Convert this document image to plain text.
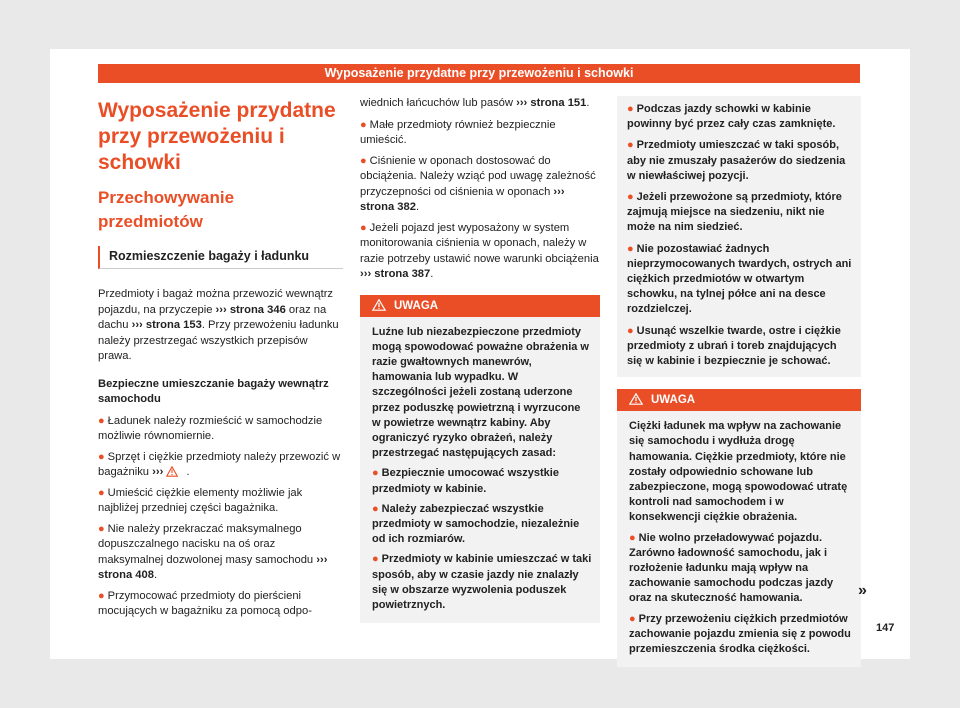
Wyposażenie przydatne przy przewożeniu i schowki
Wyposażenie przydatne przy przewożeniu i schowki
Przechowywanie przedmiotów
Rozmieszczenie bagaży i ładunku

Przedmioty i bagaż można przewozić wewnątrz pojazdu, na przyczepie ››› strona 346 oraz na dachu ››› strona 153. Przy przewożeniu ładunku należy przestrzegać wszystkich przepisów prawa.

Bezpieczne umieszczanie bagaży wewnątrz samochodu

● Ładunek należy rozmieścić w samochodzie możliwie równomiernie.

● Sprzęt i ciężkie przedmioty należy przewozić w bagażniku ››› .

● Umieścić ciężkie elementy możliwie jak najbliżej przedniej części bagażnika.

● Nie należy przekraczać maksymalnego dopuszczalnego nacisku na oś oraz maksymalnej dozwolonej masy samochodu ››› strona 408.

● Przymocować przedmioty do pierścieni mocujących w bagażniku za pomocą odpo-

wiednich łańcuchów lub pasów ››› strona 151.

● Małe przedmioty również bezpiecznie umieścić.

● Ciśnienie w oponach dostosować do obciążenia. Należy wziąć pod uwagę zależność przyczepności od ciśnienia w oponach ››› strona 382.

● Jeżeli pojazd jest wyposażony w system monitorowania ciśnienia w oponach, należy w razie potrzeby ustawić nowe warunki obciążenia ››› strona 387.

UWAGA

Luźne lub niezabezpieczone przedmioty mogą spowodować poważne obrażenia w razie gwałtownych manewrów, hamowania lub wypadku. W szczególności jeżeli zostaną uderzone przez poduszkę powietrzną i wyrzucone w powietrze wewnątrz kabiny. Aby ograniczyć ryzyko obrażeń, należy przestrzegać następujących zasad:

● Bezpiecznie umocować wszystkie przedmioty w kabinie.

● Należy zabezpieczać wszystkie przedmioty w samochodzie, niezależnie od ich rozmiarów.

● Przedmioty w kabinie umieszczać w taki sposób, aby w czasie jazdy nie znalazły się w obszarze wyzwolenia poduszek powietrznych.

● Podczas jazdy schowki w kabinie powinny być przez cały czas zamknięte.

● Przedmioty umieszczać w taki sposób, aby nie zmuszały pasażerów do siedzenia w niewłaściwej pozycji.

● Jeżeli przewożone są przedmioty, które zajmują miejsce na siedzeniu, nikt nie może na nim siedzieć.

● Nie pozostawiać żadnych nieprzymocowanych twardych, ostrych ani ciężkich przedmiotów w otwartym schowku, na tylnej półce ani na desce rozdzielczej.

● Usunąć wszelkie twarde, ostre i ciężkie przedmioty z ubrań i toreb znajdujących się w kabinie i bezpiecznie je schować.

UWAGA

Ciężki ładunek ma wpływ na zachowanie się samochodu i wydłuża drogę hamowania. Ciężkie przedmioty, które nie zostały odpowiednio schowane lub zabezpieczone, mogą spowodować utratę kontroli nad samochodem i w konsekwencji ciężkie obrażenia.

● Nie wolno przeładowywać pojazdu. Zarówno ładowność samochodu, jak i rozłożenie ładunku mają wpływ na zachowanie samochodu podczas jazdy oraz na skuteczność hamowania.

● Przy przewożeniu ciężkich przedmiotów zachowanie pojazdu zmienia się z powodu przemieszczenia środka ciężkości.

»
147
